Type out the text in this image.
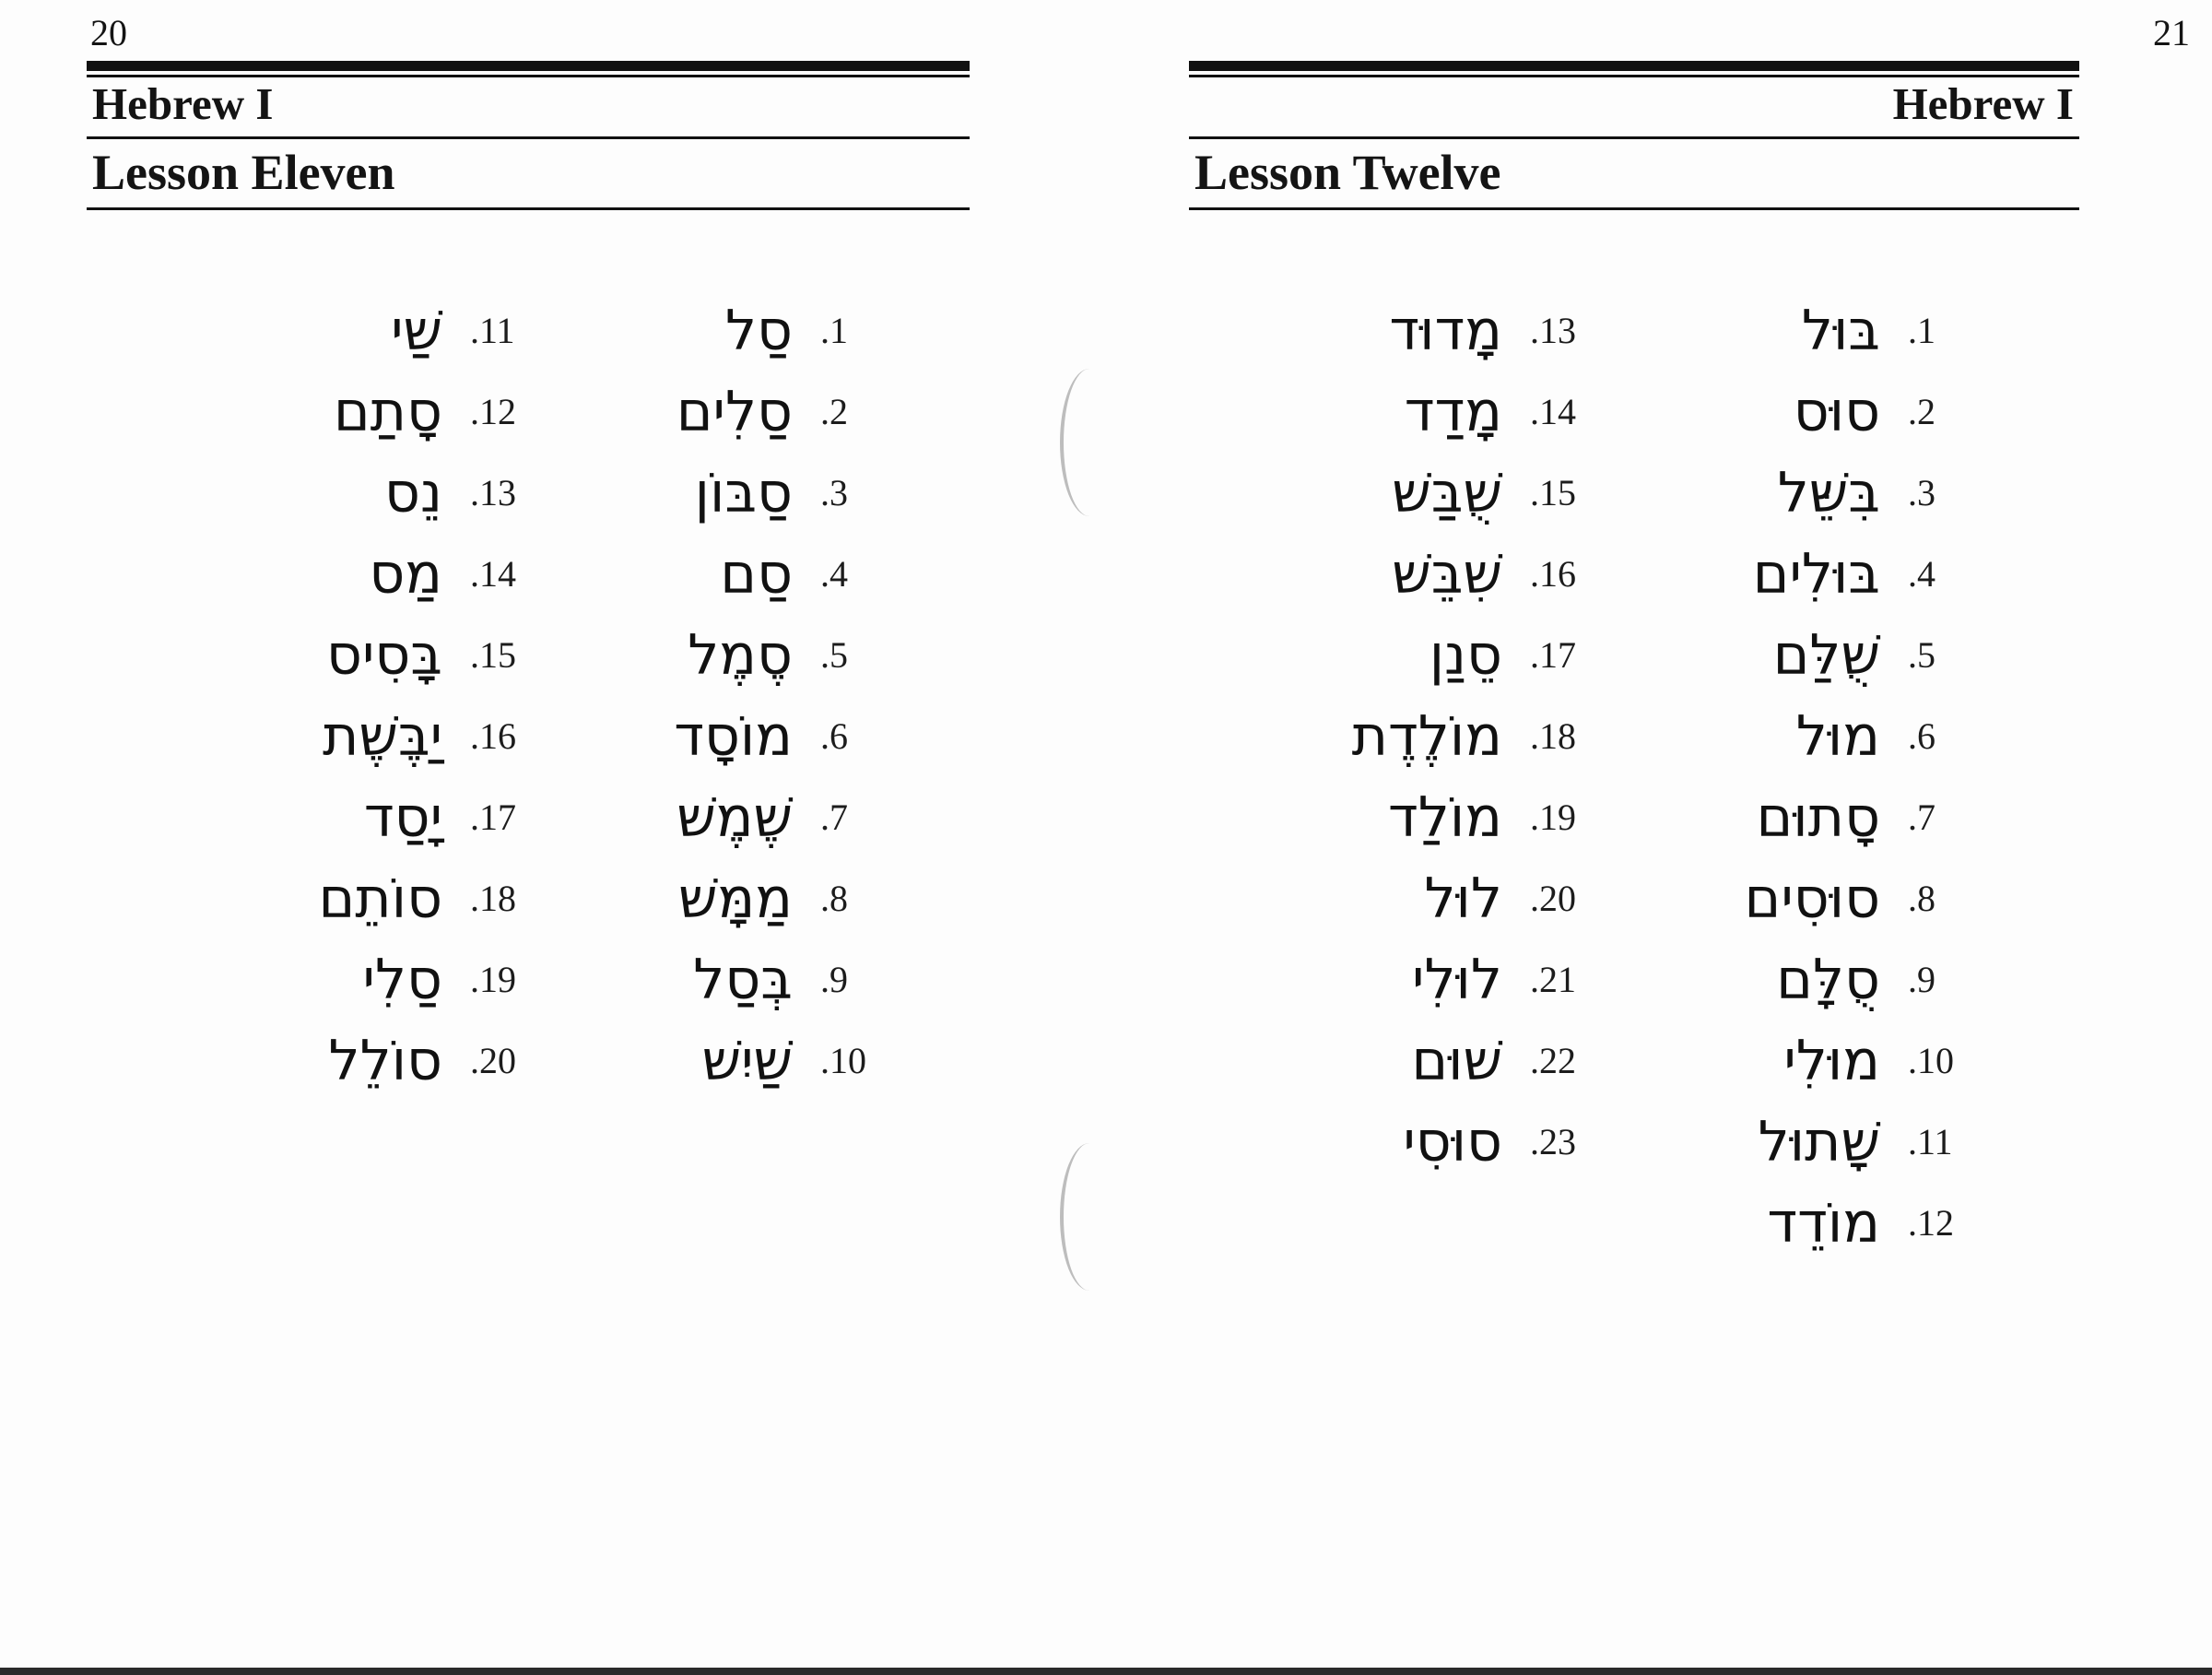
20
Hebrew I
Lesson Eleven
21
Hebrew I
Lesson Twelve
שַׁי .11
סָתַם .12
נֵס .13
מַס .14
בָּסִיס .15
יַבֶּשֶׁת .16
יָסַד .17
סוֹתֵם .18
סַלִי .19
סוֹלֵל .20
סַל .1
סַלִים .2
סַבּוֹן .3
סַם .4
סֶמֶל .5
מוֹסָד .6
שֶׁמֶשׁ .7
מַמָּשׁ .8
בְּסַל .9
שַׁיִשׁ .10
מָדוּד .13
מָדַד .14
שֻׁבַּשׁ .15
שִׁבֵּשׁ .16
סֵנַן .17
מוֹלֶדֶת .18
מוֹלַד .19
לוּל .20
לוּלִי .21
שׁוּם .22
סוּסִי .23
בּוּל .1
סוּס .2
בִּשֵּׁל .3
בּוּלִים .4
שֻׁלַּם .5
מוּל .6
סָתוּם .7
סוּסִים .8
סֻלָּם .9
מוּלִי .10
שָׁתוּל .11
מוֹדֵד .12
